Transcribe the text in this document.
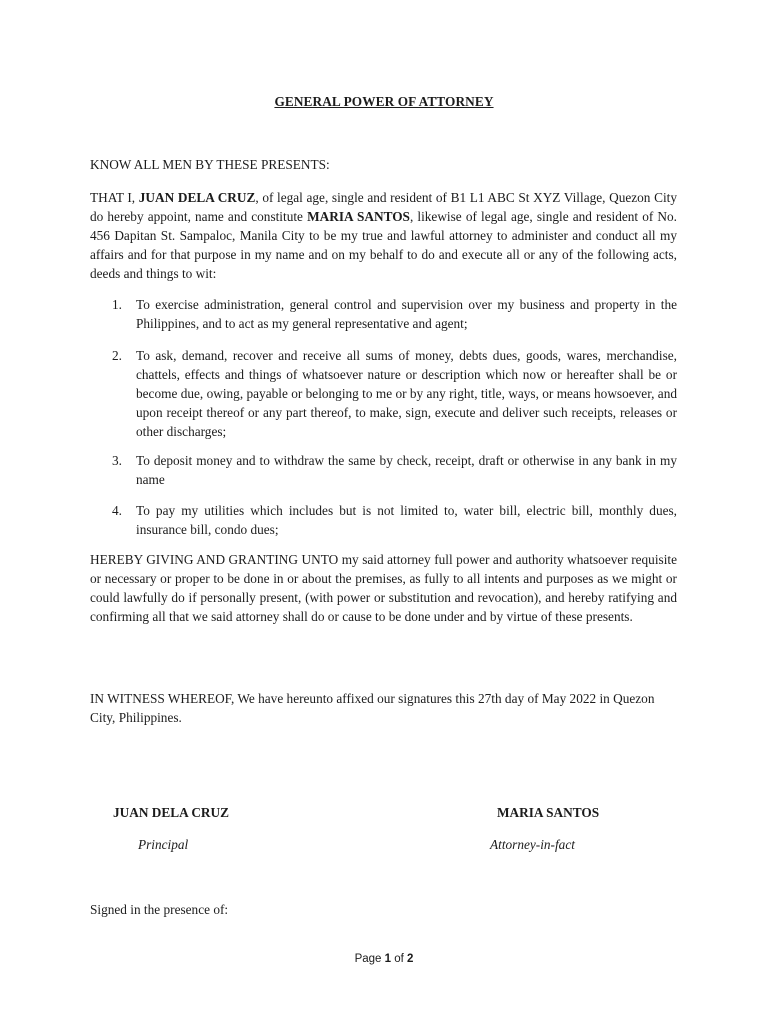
GENERAL POWER OF ATTORNEY
KNOW ALL MEN BY THESE PRESENTS:
THAT I, JUAN DELA CRUZ, of legal age, single and resident of B1 L1 ABC St XYZ Village, Quezon City do hereby appoint, name and constitute MARIA SANTOS, likewise of legal age, single and resident of No. 456 Dapitan St. Sampaloc, Manila City to be my true and lawful attorney to administer and conduct all my affairs and for that purpose in my name and on my behalf to do and execute all or any of the following acts, deeds and things to wit:
1.	To exercise administration, general control and supervision over my business and property in the Philippines, and to act as my general representative and agent;
2.	To ask, demand, recover and receive all sums of money, debts dues, goods, wares, merchandise, chattels, effects and things of whatsoever nature or description which now or hereafter shall be or become due, owing, payable or belonging to me or by any right, title, ways, or means howsoever, and upon receipt thereof or any part thereof, to make, sign, execute and deliver such receipts, releases or other discharges;
3.	To deposit money and to withdraw the same by check, receipt, draft or otherwise in any bank in my name
4.	To pay my utilities which includes but is not limited to, water bill, electric bill, monthly dues, insurance bill, condo dues;
HEREBY GIVING AND GRANTING UNTO my said attorney full power and authority whatsoever requisite or necessary or proper to be done in or about the premises, as fully to all intents and purposes as we might or could lawfully do if personally present, (with power or substitution and revocation), and hereby ratifying and confirming all that we said attorney shall do or cause to be done under and by virtue of these presents.
IN WITNESS WHEREOF, We have hereunto affixed our signatures this 27th day of May 2022 in Quezon City, Philippines.
JUAN DELA CRUZ
Principal
MARIA SANTOS
Attorney-in-fact
Signed in the presence of:
Page 1 of 2
